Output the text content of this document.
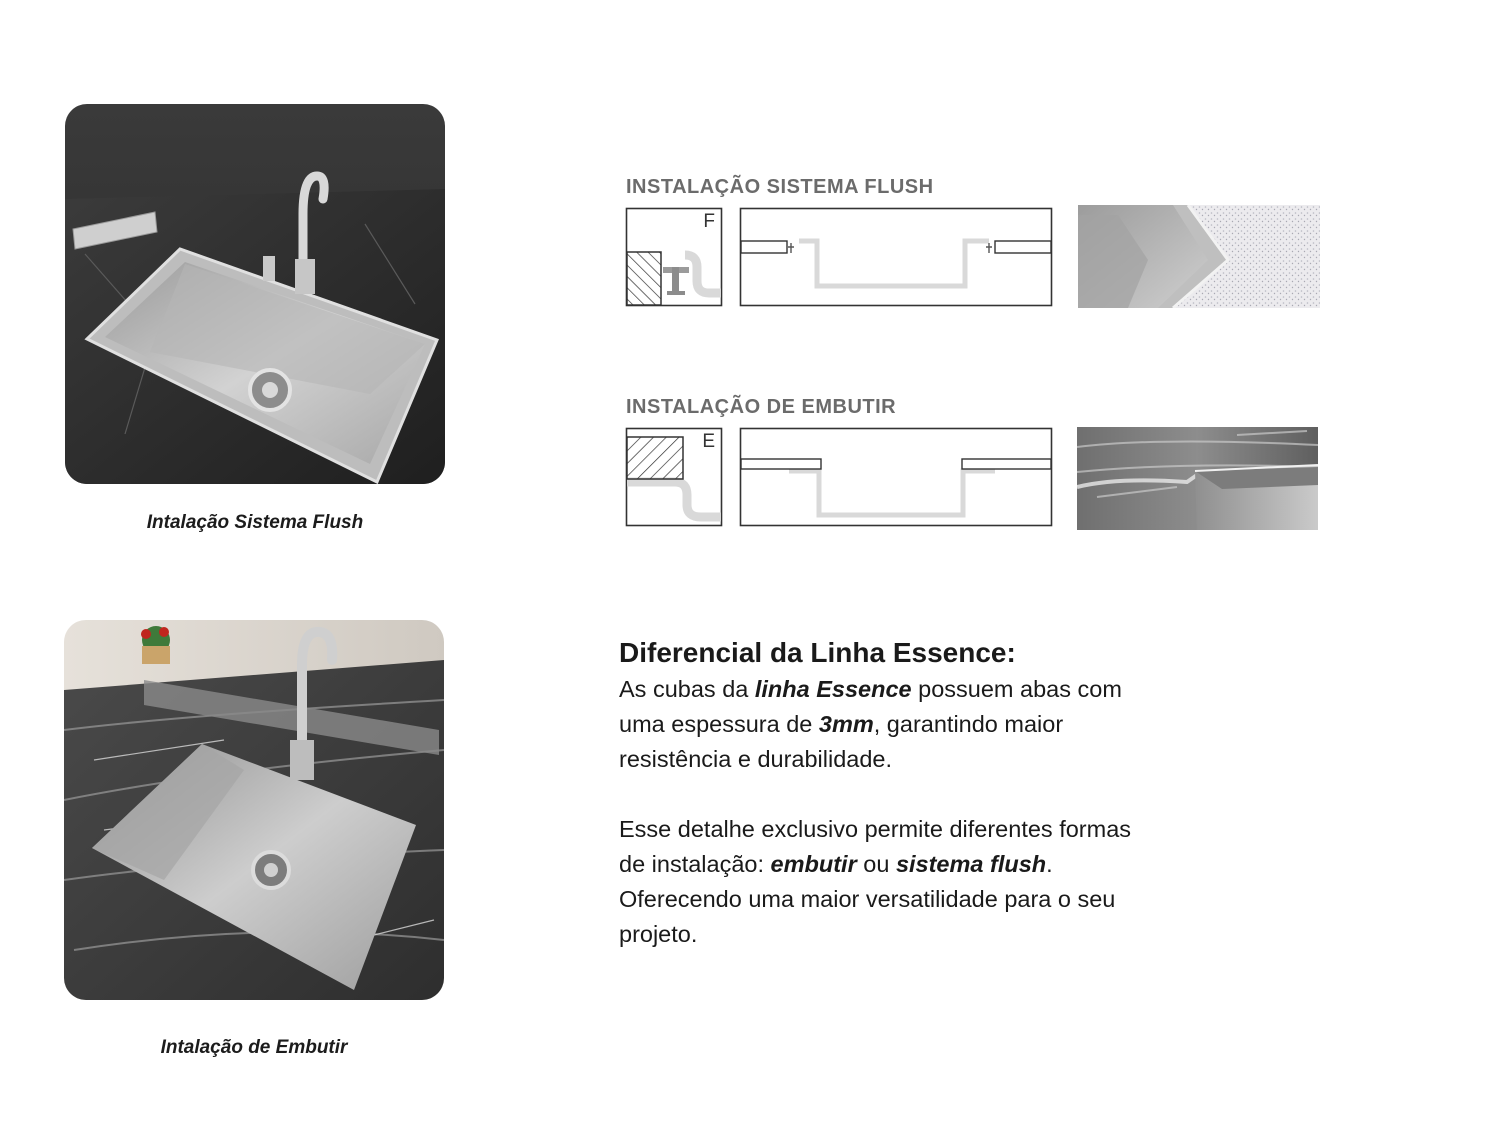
Intalação Sistema Flush
Intalação de Embutir
INSTALAÇÃO SISTEMA FLUSH
F
INSTALAÇÃO DE EMBUTIR
E

Diferencial da Linha Essence:

As cubas da linha Essence possuem abas com uma espessura de 3mm, garantindo maior resistência e durabilidade.

Esse detalhe exclusivo permite diferentes formas de instalação: embutir ou sistema flush. Oferecendo uma maior versatilidade para o seu projeto.
